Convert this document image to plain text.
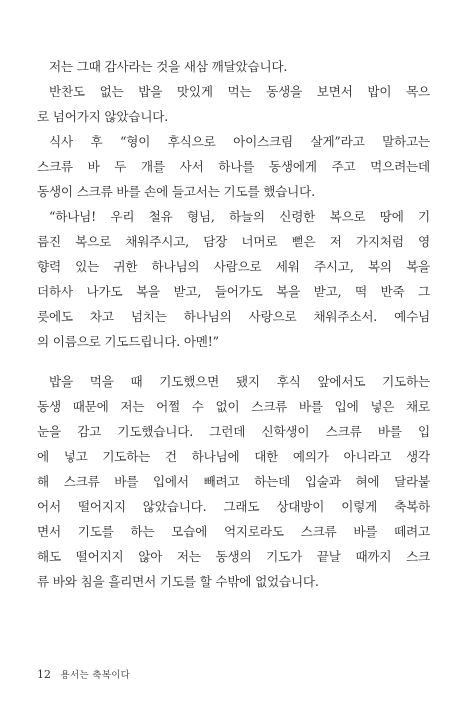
저는 그때 감사라는 것을 새삼 깨달았습니다.
반찬도 없는 밥을 맛있게 먹는 동생을 보면서 밥이 목으
로 넘어가지 않았습니다.
식사 후 “형이 후식으로 아이스크림 살게”라고 말하고는
스크류 바 두 개를 사서 하나를 동생에게 주고 먹으려는데
동생이 스크류 바를 손에 들고서는 기도를 했습니다.
“하나님! 우리 철유 형님, 하늘의 신령한 복으로 땅에 기
름진 복으로 채워주시고, 담장 너머로 뻗은 저 가지처럼 영
향력 있는 귀한 하나님의 사람으로 세워 주시고, 복의 복을
더하사 나가도 복을 받고, 들어가도 복을 받고, 떡 반죽 그
릇에도 차고 넘치는 하나님의 사랑으로 채워주소서. 예수님
의 이름으로 기도드립니다. 아멘!”
밥을 먹을 때 기도했으면 됐지 후식 앞에서도 기도하는
동생 때문에 저는 어쩔 수 없이 스크류 바를 입에 넣은 채로
눈을 감고 기도했습니다. 그런데 신학생이 스크류 바를 입
에 넣고 기도하는 건 하나님에 대한 예의가 아니라고 생각
해 스크류 바를 입에서 빼려고 하는데 입술과 혀에 달라붙
어서 떨어지지 않았습니다. 그래도 상대방이 이렇게 축복하
면서 기도를 하는 모습에 억지로라도 스크류 바를 떼려고
해도 떨어지지 않아 저는 동생의 기도가 끝날 때까지 스크
류 바와 침을 흘리면서 기도를 할 수밖에 없었습니다.
12 용서는 축복이다
